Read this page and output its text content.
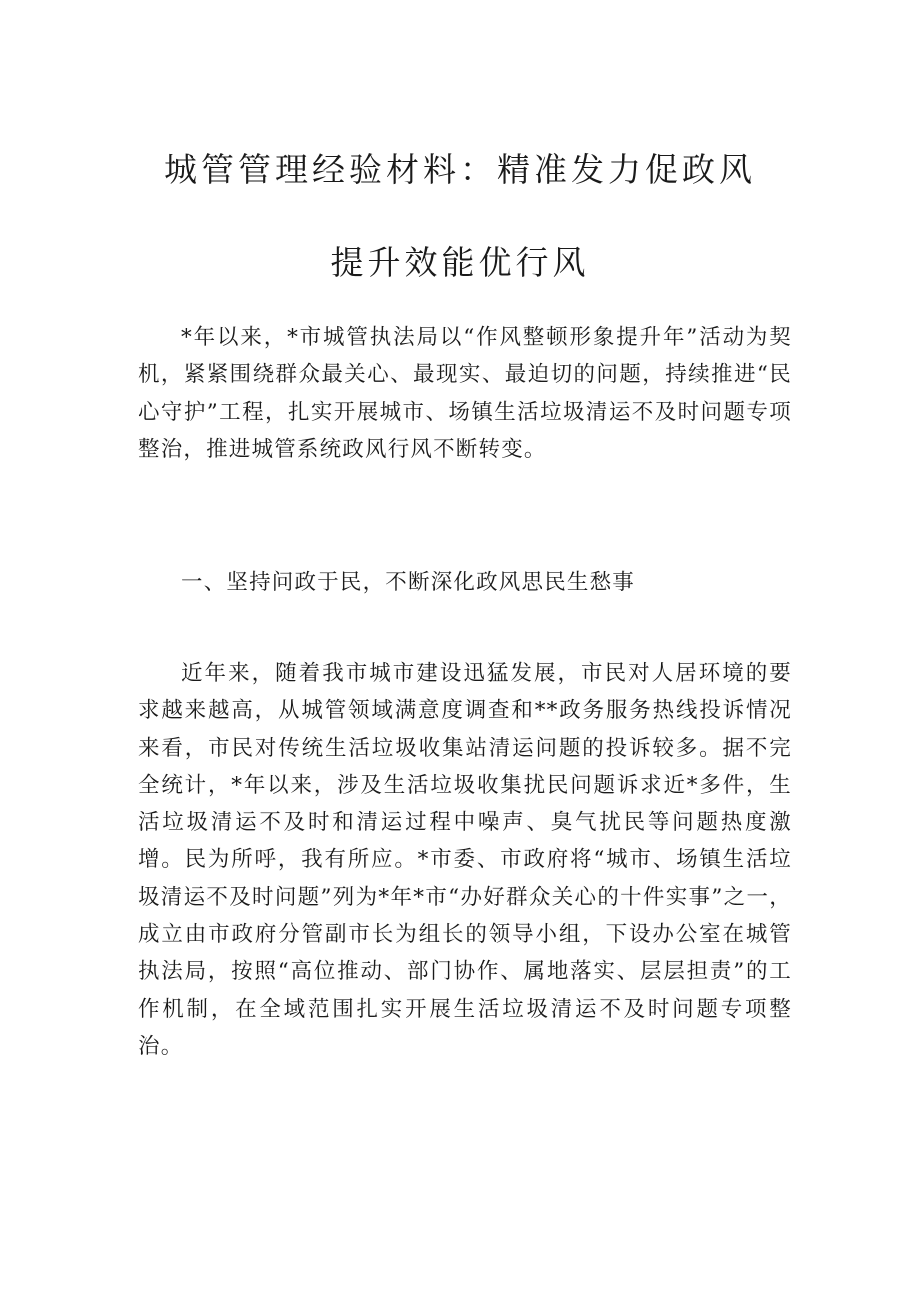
城管管理经验材料：精准发力促政风
提升效能优行风

*年以来，*市城管执法局以“作风整顿形象提升年”活动为契机，紧紧围绕群众最关心、最现实、最迫切的问题，持续推进“民心守护”工程，扎实开展城市、场镇生活垃圾清运不及时问题专项整治，推进城管系统政风行风不断转变。

一、坚持问政于民，不断深化政风思民生愁事

近年来，随着我市城市建设迅猛发展，市民对人居环境的要求越来越高，从城管领域满意度调查和**政务服务热线投诉情况来看，市民对传统生活垃圾收集站清运问题的投诉较多。据不完全统计，*年以来，涉及生活垃圾收集扰民问题诉求近*多件，生活垃圾清运不及时和清运过程中噪声、臭气扰民等问题热度激增。民为所呼，我有所应。*市委、市政府将“城市、场镇生活垃圾清运不及时问题”列为*年*市“办好群众关心的十件实事”之一，成立由市政府分管副市长为组长的领导小组，下设办公室在城管执法局，按照“高位推动、部门协作、属地落实、层层担责”的工作机制，在全域范围扎实开展生活垃圾清运不及时问题专项整治。
